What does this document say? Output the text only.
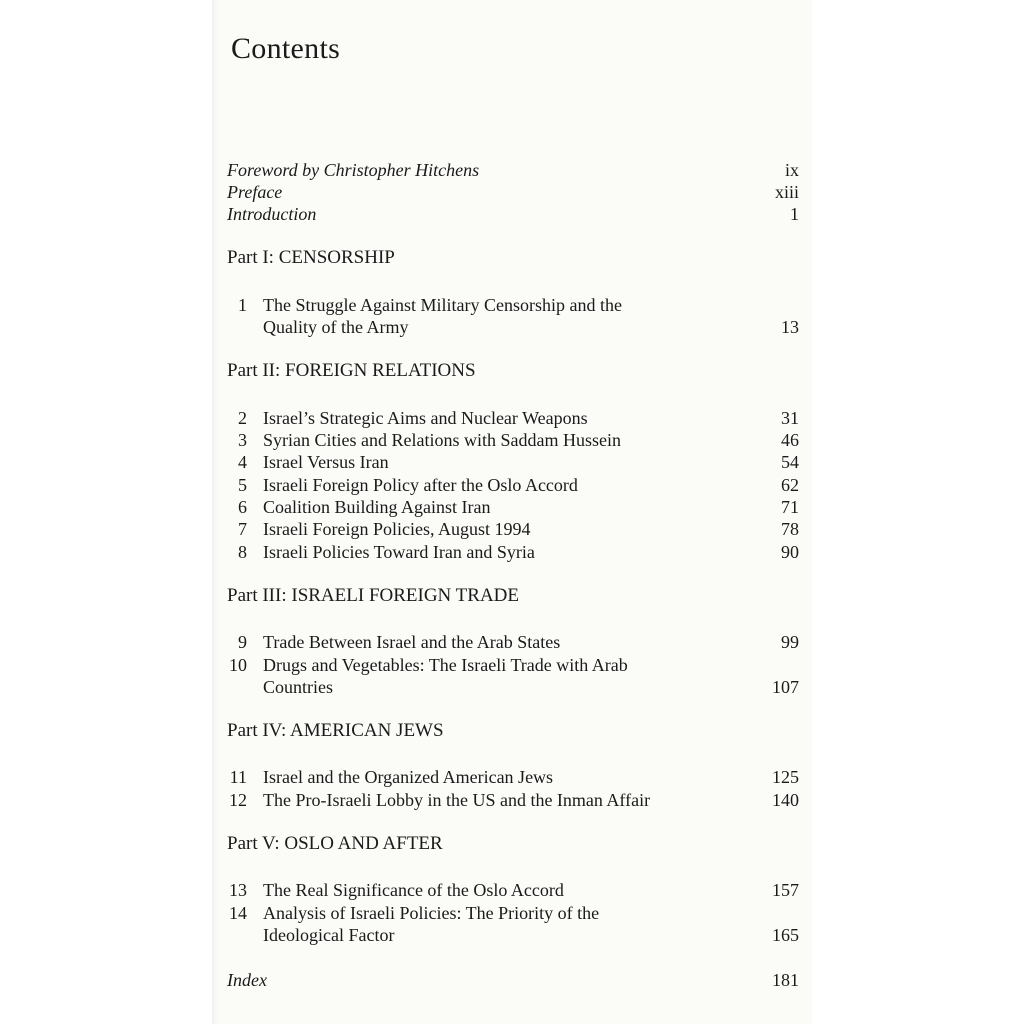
Contents
Foreword by Christopher Hitchens	ix
Preface	xiii
Introduction	1
Part I: CENSORSHIP
1 The Struggle Against Military Censorship and the
Quality of the Army	13
Part II: FOREIGN RELATIONS
2 Israel’s Strategic Aims and Nuclear Weapons	31
3 Syrian Cities and Relations with Saddam Hussein	46
4 Israel Versus Iran	54
5 Israeli Foreign Policy after the Oslo Accord	62
6 Coalition Building Against Iran	71
7 Israeli Foreign Policies, August 1994	78
8 Israeli Policies Toward Iran and Syria	90
Part III: ISRAELI FOREIGN TRADE
9 Trade Between Israel and the Arab States	99
10 Drugs and Vegetables: The Israeli Trade with Arab
Countries	107
Part IV: AMERICAN JEWS
11 Israel and the Organized American Jews	125
12 The Pro-Israeli Lobby in the US and the Inman Affair	140
Part V: OSLO AND AFTER
13 The Real Significance of the Oslo Accord	157
14 Analysis of Israeli Policies: The Priority of the
Ideological Factor	165
Index	181
